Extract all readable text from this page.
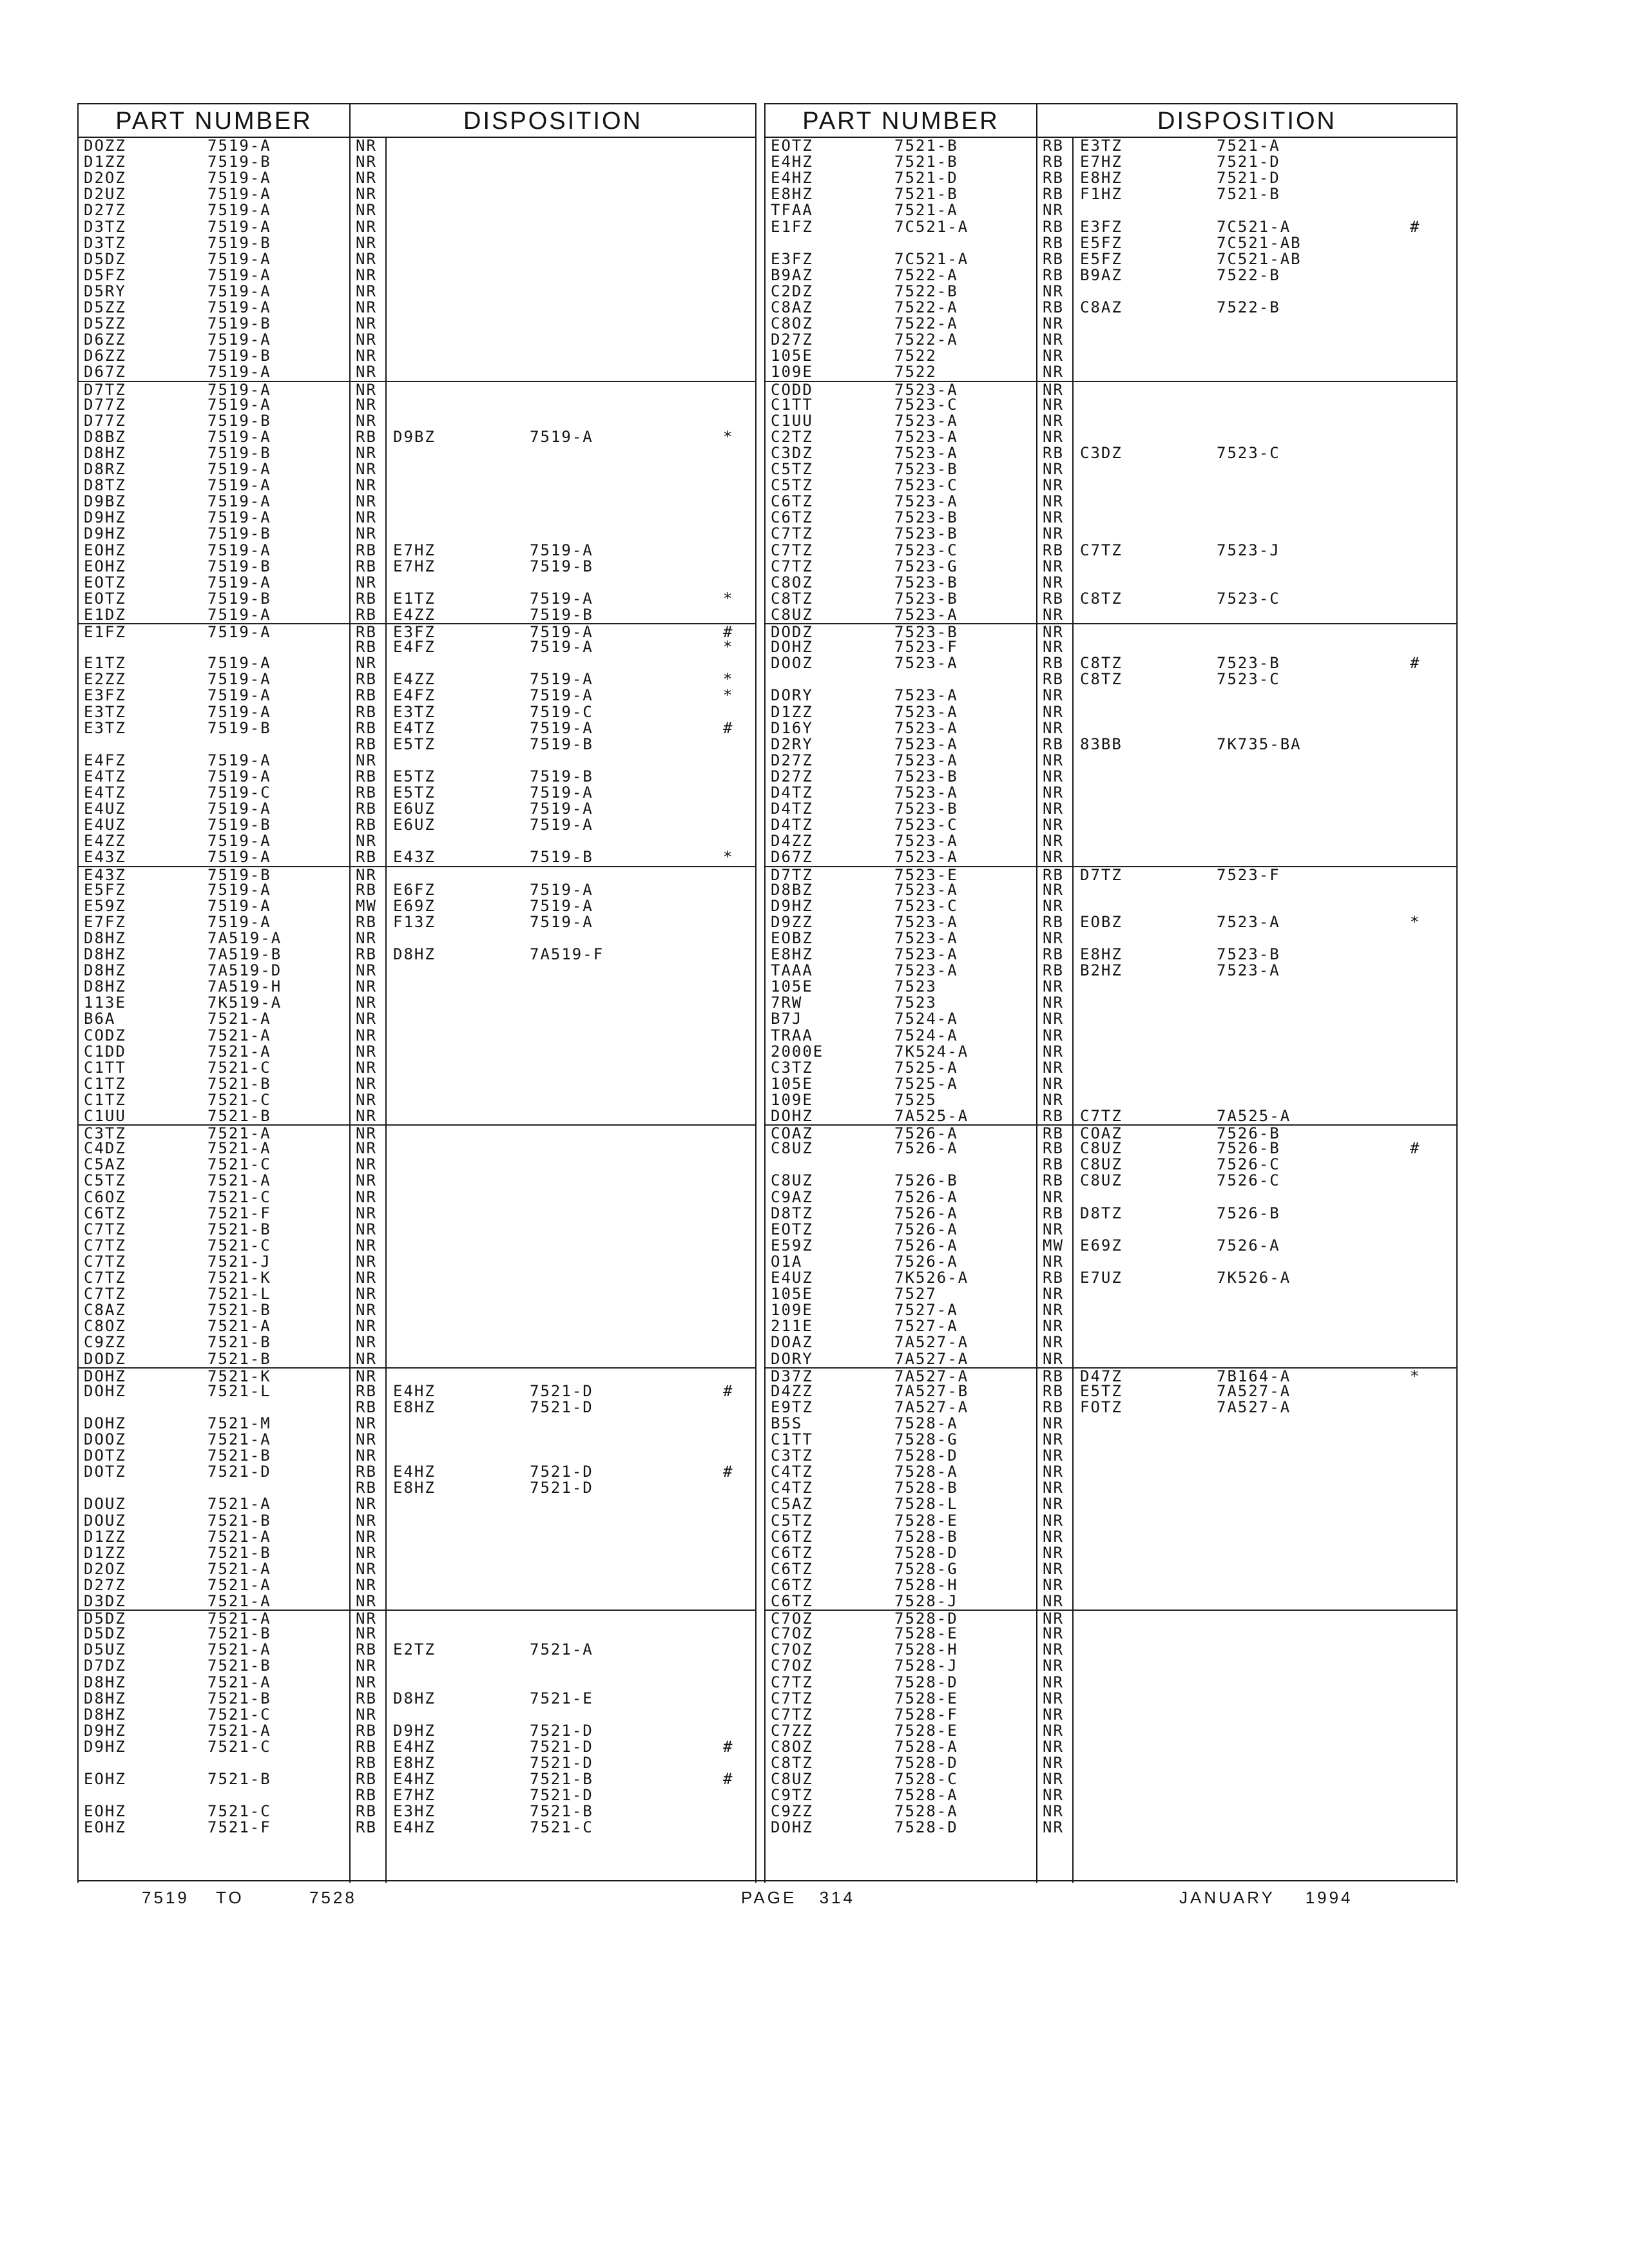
PART NUMBER	DISPOSITION
DOZZ	7519-A	NR
D1ZZ	7519-B	NR
D2OZ	7519-A	NR
D2UZ	7519-A	NR
D27Z	7519-A	NR
D3TZ	7519-A	NR
D3TZ	7519-B	NR
D5DZ	7519-A	NR
D5FZ	7519-A	NR
D5RY	7519-A	NR
D5ZZ	7519-A	NR
D5ZZ	7519-B	NR
D6ZZ	7519-A	NR
D6ZZ	7519-B	NR
D67Z	7519-A	NR
D7TZ	7519-A	NR
D77Z	7519-A	NR
D77Z	7519-B	NR
D8BZ	7519-A	RB	D9BZ	7519-A	*
D8HZ	7519-B	NR
D8RZ	7519-A	NR
D8TZ	7519-A	NR
D9BZ	7519-A	NR
D9HZ	7519-A	NR
D9HZ	7519-B	NR
EOHZ	7519-A	RB	E7HZ	7519-A
EOHZ	7519-B	RB	E7HZ	7519-B
EOTZ	7519-A	NR
EOTZ	7519-B	RB	E1TZ	7519-A	*
E1DZ	7519-A	RB	E4ZZ	7519-B
E1FZ	7519-A	RB	E3FZ	7519-A	#
RB	E4FZ	7519-A	*
E1TZ	7519-A	NR
E2ZZ	7519-A	RB	E4ZZ	7519-A	*
E3FZ	7519-A	RB	E4FZ	7519-A	*
E3TZ	7519-A	RB	E3TZ	7519-C
E3TZ	7519-B	RB	E4TZ	7519-A	#
RB	E5TZ	7519-B
E4FZ	7519-A	NR
E4TZ	7519-A	RB	E5TZ	7519-B
E4TZ	7519-C	RB	E5TZ	7519-A
E4UZ	7519-A	RB	E6UZ	7519-A
E4UZ	7519-B	RB	E6UZ	7519-A
E4ZZ	7519-A	NR
E43Z	7519-A	RB	E43Z	7519-B	*
E43Z	7519-B	NR
E5FZ	7519-A	RB	E6FZ	7519-A
E59Z	7519-A	MW	E69Z	7519-A
E7FZ	7519-A	RB	F13Z	7519-A
D8HZ	7A519-A	NR
D8HZ	7A519-B	RB	D8HZ	7A519-F
D8HZ	7A519-D	NR
D8HZ	7A519-H	NR
113E	7K519-A	NR
B6A	7521-A	NR
CODZ	7521-A	NR
C1DD	7521-A	NR
C1TT	7521-C	NR
C1TZ	7521-B	NR
C1TZ	7521-C	NR
C1UU	7521-B	NR
C3TZ	7521-A	NR
C4DZ	7521-A	NR
C5AZ	7521-C	NR
C5TZ	7521-A	NR
C6OZ	7521-C	NR
C6TZ	7521-F	NR
C7TZ	7521-B	NR
C7TZ	7521-C	NR
C7TZ	7521-J	NR
C7TZ	7521-K	NR
C7TZ	7521-L	NR
C8AZ	7521-B	NR
C8OZ	7521-A	NR
C9ZZ	7521-B	NR
DODZ	7521-B	NR
DOHZ	7521-K	NR
DOHZ	7521-L	RB	E4HZ	7521-D	#
RB	E8HZ	7521-D
DOHZ	7521-M	NR
DOOZ	7521-A	NR
DOTZ	7521-B	NR
DOTZ	7521-D	RB	E4HZ	7521-D	#
RB	E8HZ	7521-D
DOUZ	7521-A	NR
DOUZ	7521-B	NR
D1ZZ	7521-A	NR
D1ZZ	7521-B	NR
D2OZ	7521-A	NR
D27Z	7521-A	NR
D3DZ	7521-A	NR
D5DZ	7521-A	NR
D5DZ	7521-B	NR
D5UZ	7521-A	RB	E2TZ	7521-A
D7DZ	7521-B	NR
D8HZ	7521-A	NR
D8HZ	7521-B	RB	D8HZ	7521-E
D8HZ	7521-C	NR
D9HZ	7521-A	RB	D9HZ	7521-D
D9HZ	7521-C	RB	E4HZ	7521-D	#
RB	E8HZ	7521-D
EOHZ	7521-B	RB	E4HZ	7521-B	#
RB	E7HZ	7521-D
EOHZ	7521-C	RB	E3HZ	7521-B
EOHZ	7521-F	RB	E4HZ	7521-C
PART NUMBER	DISPOSITION
EOTZ	7521-B	RB	E3TZ	7521-A
E4HZ	7521-B	RB	E7HZ	7521-D
E4HZ	7521-D	RB	E8HZ	7521-D
E8HZ	7521-B	RB	F1HZ	7521-B
TFAA	7521-A	NR
E1FZ	7C521-A	RB	E3FZ	7C521-A	#
RB	E5FZ	7C521-AB
E3FZ	7C521-A	RB	E5FZ	7C521-AB
B9AZ	7522-A	RB	B9AZ	7522-B
C2DZ	7522-B	NR
C8AZ	7522-A	RB	C8AZ	7522-B
C8OZ	7522-A	NR
D27Z	7522-A	NR
105E	7522	NR
109E	7522	NR
CODD	7523-A	NR
C1TT	7523-C	NR
C1UU	7523-A	NR
C2TZ	7523-A	NR
C3DZ	7523-A	RB	C3DZ	7523-C
C5TZ	7523-B	NR
C5TZ	7523-C	NR
C6TZ	7523-A	NR
C6TZ	7523-B	NR
C7TZ	7523-B	NR
C7TZ	7523-C	RB	C7TZ	7523-J
C7TZ	7523-G	NR
C8OZ	7523-B	NR
C8TZ	7523-B	RB	C8TZ	7523-C
C8UZ	7523-A	NR
DODZ	7523-B	NR
DOHZ	7523-F	NR
DOOZ	7523-A	RB	C8TZ	7523-B	#
RB	C8TZ	7523-C
DORY	7523-A	NR
D1ZZ	7523-A	NR
D16Y	7523-A	NR
D2RY	7523-A	RB	83BB	7K735-BA
D27Z	7523-A	NR
D27Z	7523-B	NR
D4TZ	7523-A	NR
D4TZ	7523-B	NR
D4TZ	7523-C	NR
D4ZZ	7523-A	NR
D67Z	7523-A	NR
D7TZ	7523-E	RB	D7TZ	7523-F
D8BZ	7523-A	NR
D9HZ	7523-C	NR
D9ZZ	7523-A	RB	EOBZ	7523-A	*
EOBZ	7523-A	NR
E8HZ	7523-A	RB	E8HZ	7523-B
TAAA	7523-A	RB	B2HZ	7523-A
105E	7523	NR
7RW	7523	NR
B7J	7524-A	NR
TRAA	7524-A	NR
2000E	7K524-A	NR
C3TZ	7525-A	NR
105E	7525-A	NR
109E	7525	NR
DOHZ	7A525-A	RB	C7TZ	7A525-A
COAZ	7526-A	RB	COAZ	7526-B
C8UZ	7526-A	RB	C8UZ	7526-B	#
RB	C8UZ	7526-C
C8UZ	7526-B	RB	C8UZ	7526-C
C9AZ	7526-A	NR
D8TZ	7526-A	RB	D8TZ	7526-B
EOTZ	7526-A	NR
E59Z	7526-A	MW	E69Z	7526-A
O1A	7526-A	NR
E4UZ	7K526-A	RB	E7UZ	7K526-A
105E	7527	NR
109E	7527-A	NR
211E	7527-A	NR
DOAZ	7A527-A	NR
DORY	7A527-A	NR
D37Z	7A527-A	RB	D47Z	7B164-A	*
D4ZZ	7A527-B	RB	E5TZ	7A527-A
E9TZ	7A527-A	RB	FOTZ	7A527-A
B5S	7528-A	NR
C1TT	7528-G	NR
C3TZ	7528-D	NR
C4TZ	7528-A	NR
C4TZ	7528-B	NR
C5AZ	7528-L	NR
C5TZ	7528-E	NR
C6TZ	7528-B	NR
C6TZ	7528-D	NR
C6TZ	7528-G	NR
C6TZ	7528-H	NR
C6TZ	7528-J	NR
C7OZ	7528-D	NR
C7OZ	7528-E	NR
C7OZ	7528-H	NR
C7OZ	7528-J	NR
C7TZ	7528-D	NR
C7TZ	7528-E	NR
C7TZ	7528-F	NR
C7ZZ	7528-E	NR
C8OZ	7528-A	NR
C8TZ	7528-D	NR
C8UZ	7528-C	NR
C9TZ	7528-A	NR
C9ZZ	7528-A	NR
DOHZ	7528-D	NR
7519 TO	7528	PAGE 314	JANUARY 1994
